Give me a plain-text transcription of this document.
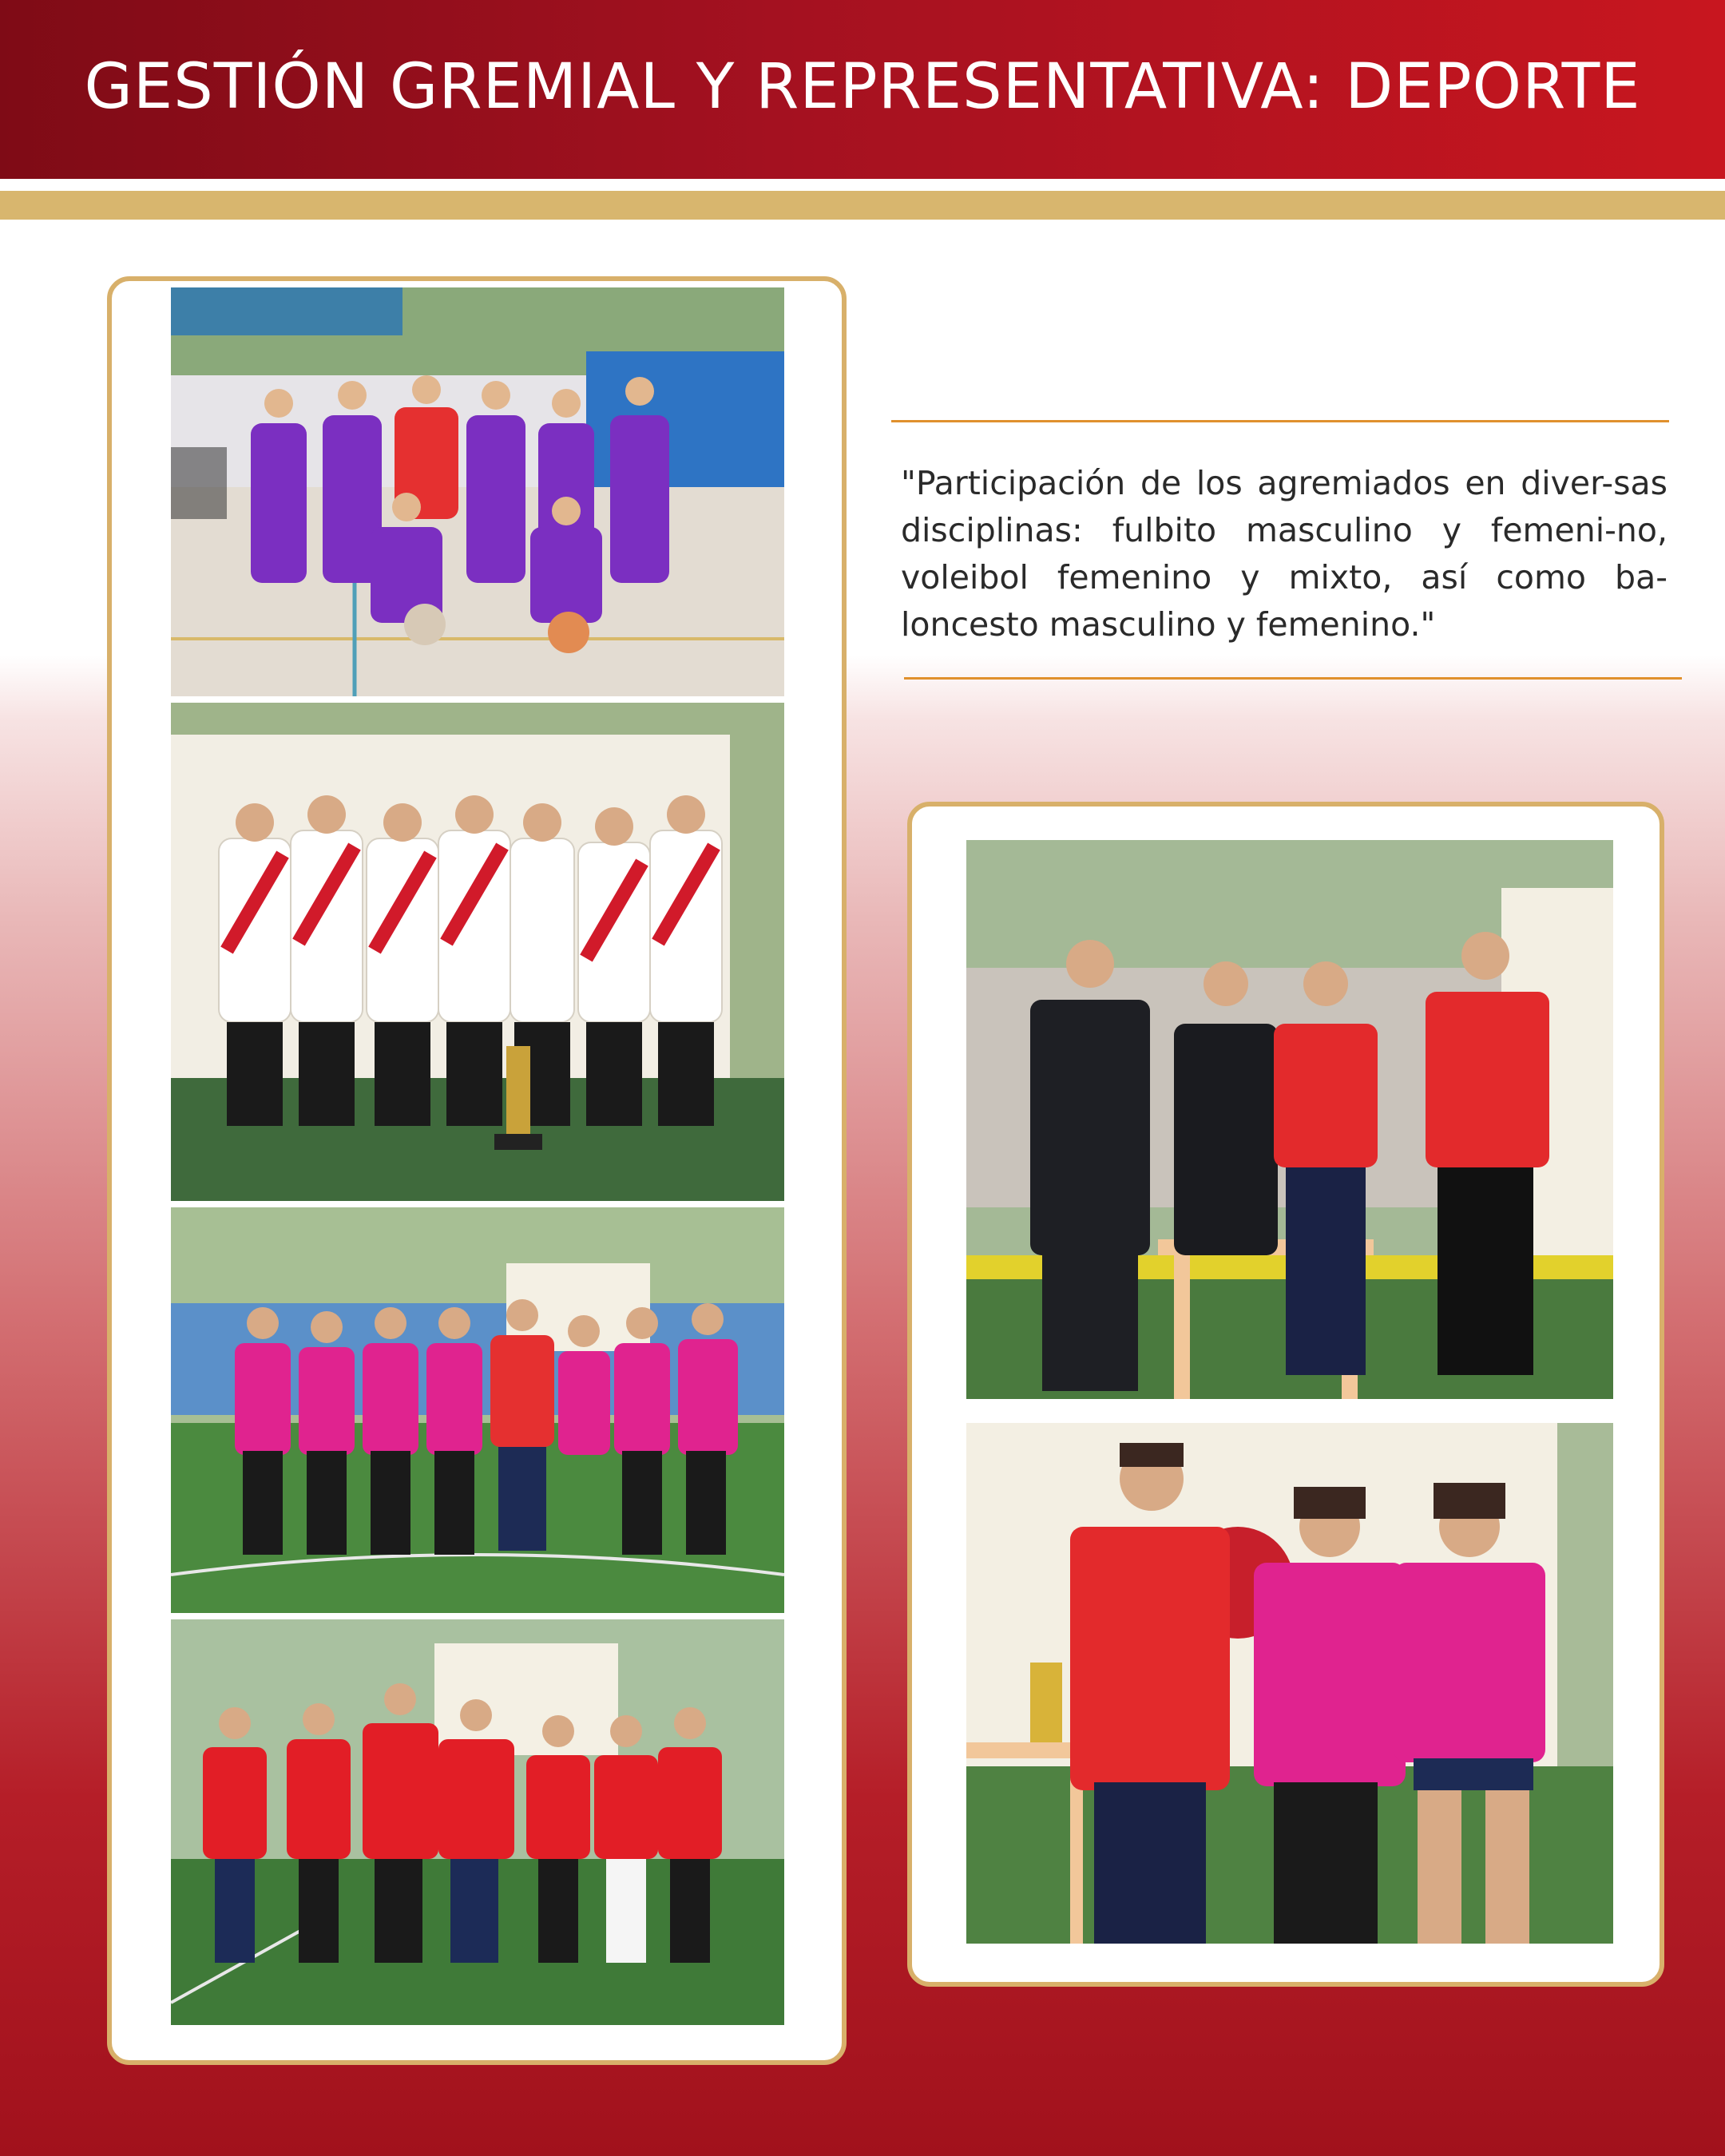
GESTIÓN GREMIAL Y REPRESENTATIVA: DEPORTE

"Participación de los agremiados en diver-sas disciplinas: fulbito masculino y femeni-no, voleibol femenino y mixto, así como ba-loncesto masculino y femenino."
